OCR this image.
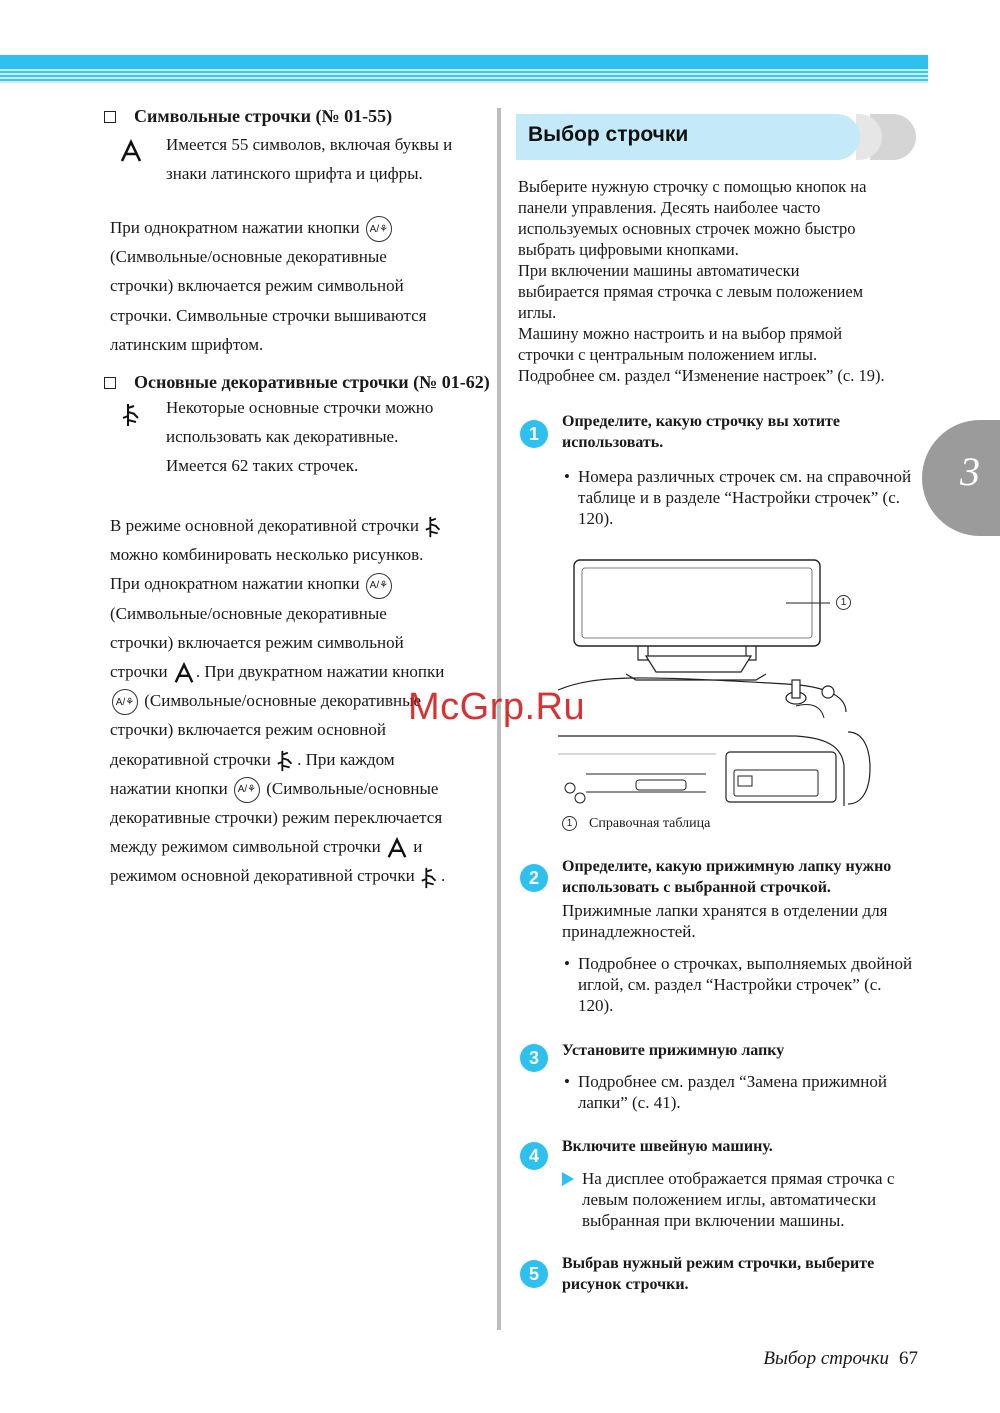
3
Символьные строчки (№ 01-55)
Имеется 55 символов, включая буквы и
знаки латинского шрифта и цифры.
При однократном нажатии кнопки A/⚘
(Символьные/основные декоративные
строчки) включается режим символьной
строчки. Символьные строчки вышиваются
латинским шрифтом.
Основные декоративные строчки (№ 01-62)
Некоторые основные строчки можно
использовать как декоративные.
Имеется 62 таких строчек.
В режиме основной декоративной строчки
можно комбинировать несколько рисунков.
При однократном нажатии кнопки A/⚘
(Символьные/основные декоративные
строчки) включается режим символьной
строчки . При двукратном нажатии кнопки
A/⚘ (Символьные/основные декоративные
строчки) включается режим основной
декоративной строчки . При каждом
нажатии кнопки A/⚘ (Символьные/основные
декоративные строчки) режим переключается
между режимом символьной строчки и
режимом основной декоративной строчки .
Выбор строчки
Выберите нужную строчку с помощью кнопок на
панели управления. Десять наиболее часто
используемых основных строчек можно быстро
выбрать цифровыми кнопками.
При включении машины автоматически
выбирается прямая строчка с левым положением
иглы.
Машину можно настроить и на выбор прямой
строчки с центральным положением иглы.
Подробнее см. раздел “Изменение настроек” (с. 19).
1
Определите, какую строчку вы хотите использовать.
• Номера различных строчек см. на справочной таблице и в разделе “Настройки строчек” (с. 120).
1
1	Справочная таблица
McGrp.Ru
2
Определите, какую прижимную лапку нужно использовать с выбранной строчкой.
Прижимные лапки хранятся в отделении для принадлежностей.
• Подробнее о строчках, выполняемых двойной иглой, см. раздел “Настройки строчек” (с. 120).
3	Установите прижимную лапку
• Подробнее см. раздел “Замена прижимной лапки” (с. 41).
4	Включите швейную машину.
На дисплее отображается прямая строчка с левым положением иглы, автоматически выбранная при включении машины.
5	Выбрав нужный режим строчки, выберите рисунок строчки.
Выбор строчки 67
